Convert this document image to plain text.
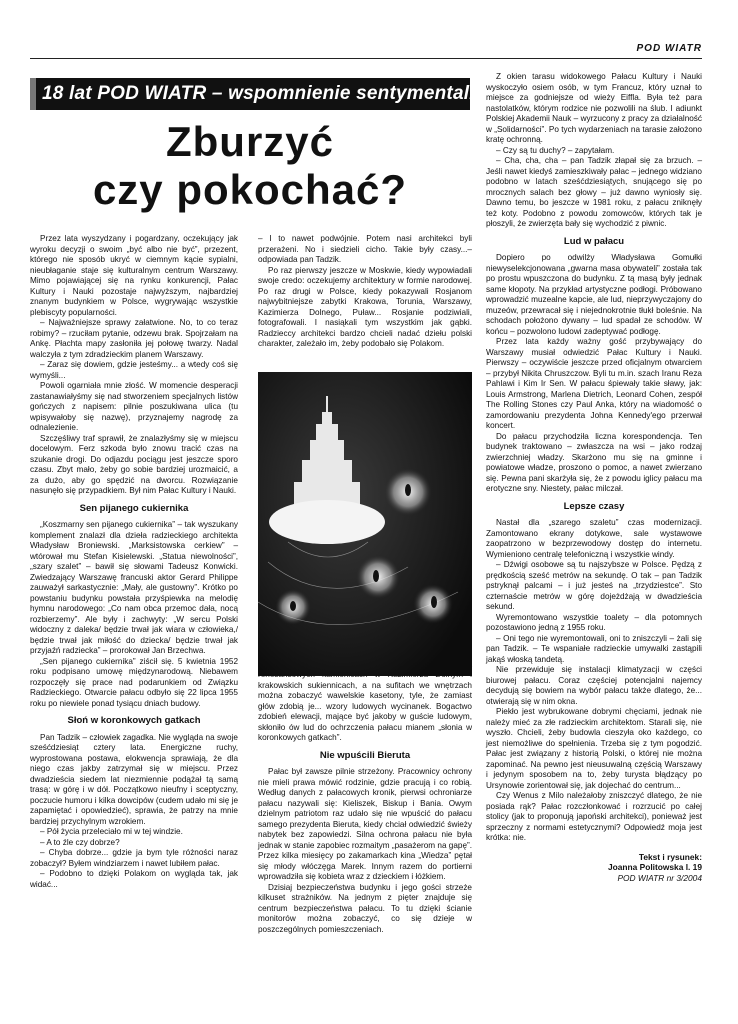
POD WIATR
18 lat POD WIATR – wspomnienie sentymentalne
Zburzyć
czy pokochać?

Przez lata wyszydzany i pogardzany, oczekujący jak wyroku decyzji o swoim „być albo nie być”, przezent, którego nie sposób ukryć w ciemnym kącie sypialni, nieubłaganie staje się kulturalnym centrum Warszawy. Mimo pojawiającej się na rynku konkurencji, Pałac Kultury i Nauki pozostaje najwyższym, najbardziej znanym budynkiem w Polsce, wygrywając wszystkie plebiscyty popularności.

– Najważniejsze sprawy załatwione. No, to co teraz robimy? – rzuciłam pytanie, odzewu brak. Spojrzałam na Ankę. Płachta mapy zasłoniła jej połowę twarzy. Nadal walczyła z tym zdradzieckim planem Warszawy.

– Zaraz się dowiem, gdzie jesteśmy... a wtedy coś się wymyśli...

Powoli ogarniała mnie złość. W momencie desperacji zastanawiałyśmy się nad stworzeniem specjalnych listów gończych z napisem: pilnie poszukiwana ulica (tu wpisywałoby się nazwę), przyznajemy nagrodę za odnalezienie.

Szczęśliwy traf sprawił, że znalazłyśmy się w miejscu docelowym. Ferz szkoda było znowu tracić czas na szukanie drogi. Do odjazdu pociągu jest jeszcze sporo czasu. Zbyt mało, żeby go sobie bardziej urozmaicić, a za dużo, aby go spędzić na dworcu. Rozwiązanie nasunęło się przypadkiem. Był nim Pałac Kultury i Nauki.

Sen pijanego cukiernika

„Koszmarny sen pijanego cukiernika” – tak wyszukany komplement znalazł dla dzieła radzieckiego architekta Władysław Broniewski. „Marksistowska cerkiew” – wtórował mu Stefan Kisielewski. „Statua niewolności”, „szary szalet” – bawił się słowami Tadeusz Konwicki. Zwiedzający Warszawę francuski aktor Gerard Philippe zauważył sarkastycznie: „Mały, ale gustowny”. Krótko po powstaniu budynku powstała przyśpiewka na melodię hymnu narodowego: „Co nam obca przemoc dała, nocą rozbierzemy”. Ale były i zachwyty: „W sercu Polski widoczny z daleka/ będzie trwał jak wiara w człowieka,/ będzie trwał jak miłość do dziecka/ będzie trwał jak przyjaźń radziecka” – prorokował Jan Brzechwa.

„Sen pijanego cukiernika” ziścił się. 5 kwietnia 1952 roku podpisano umowę międzynarodową. Niebawem rozpoczęły się prace nad podarunkiem od Związku Radzieckiego. Otwarcie pałacu odbyło się 22 lipca 1955 roku po niewiele ponad tysiącu dniach budowy.

Słoń w koronkowych gatkach

Pan Tadzik – człowiek zagadka. Nie wygląda na swoje sześćdziesiąt cztery lata. Energiczne ruchy, wyprostowana postawa, elokwencja sprawiają, że dla niego czas jakby zatrzymał się w miejscu. Przez dwadzieścia siedem lat niezmiennie podążał tą samą trasą: w górę i w dół. Początkowo nieufny i sceptyczny, poczucie humoru i kilka dowcipów (cudem udało mi się je zapamiętać i opowiedzieć), sprawia, że patrzy na mnie bardziej przychylnym wzrokiem.

– Pół życia przeleciało mi w tej windzie.

– A to źle czy dobrze?

– Chyba dobrze... gdzie ja bym tyle różności naraz zobaczył? Byłem windziarzem i nawet lubiłem pałac.

– Podobno to dzięki Polakom on wygląda tak, jak widać...

– I to nawet podwójnie. Potem nasi architekci byli przerażeni. No i siedzieli cicho. Takie były czasy...– odpowiada pan Tadzik.

Po raz pierwszy jeszcze w Moskwie, kiedy wypowiadali swoje credo: oczekujemy architektury w formie narodowej. Po raz drugi w Polsce, kiedy pokazywali Rosjanom najwybitniejsze zabytki Krakowa, Torunia, Warszawy, Kazimierza Dolnego, Puław... Rosjanie podziwiali, fotografowali. I nasiąkali tym wszystkim jak gąbki. Radzieccy architekci bardzo chcieli nadać dziełu polski charakter, zależało im, żeby podobało się Polakom.

krakowskich sukiennicach, a na sufitach we wnętrzach można zobaczyć wawelskie kasetony, tyle, że zamiast głów zdobią je... wzory ludowych wycinanek. Bogactwo zdobień elewacji, mające być jakoby w guście ludowym, skłoniło ów lud do ochrzczenia pałacu mianem „słonia w koronkowych gatkach”.

Nie wpuścili Bieruta

Pałac był zawsze pilnie strzeżony. Pracownicy ochrony nie mieli prawa mówić rodzinie, gdzie pracują i co robią. Według danych z pałacowych kronik, pierwsi ochroniarze pałacu nazywali się: Kieliszek, Biskup i Bania. Owym dzielnym patriotom raz udało się nie wpuścić do pałacu samego prezydenta Bieruta, kiedy chciał odwiedzić świeży nabytek bez zapowiedzi. Silna ochrona pałacu nie była jednak w stanie zapobiec rozmaitym „pasażerom na gapę”. Przez kilka miesięcy po zakamarkach kina „Wiedza” pętał się młody włóczęga Marek. Innym razem do portierni wprowadziła się kobieta wraz z dzieckiem i łóżkiem.

Dzisiaj bezpieczeństwa budynku i jego gości strzeże kilkuset strażników. Na jednym z pięter znajduje się centrum bezpieczeństwa pałacu. To tu dzięki ścianie monitorów można zobaczyć, co się dzieje w poszczególnych pomieszczeniach.

Z okien tarasu widokowego Pałacu Kultury i Nauki wyskoczyło osiem osób, w tym Francuz, który uznał to miejsce za godniejsze od wieży Eiffla. Była też para nastolatków, którym rodzice nie pozwolili na ślub. I adiunkt Polskiej Akademii Nauk – wyrzucony z pracy za działalność w „Solidarności”. Po tych wydarzeniach na tarasie założono kratę ochronną.

– Czy są tu duchy? – zapytałam.

– Cha, cha, cha – pan Tadzik złapał się za brzuch. – Jeśli nawet kiedyś zamieszkiwały pałac – jednego widziano podobno w latach sześćdziesiątych, snującego się po mrocznych salach bez głowy – już dawno wyniosły się. Dawno temu, bo jeszcze w 1981 roku, z pałacu zniknęły też koty. Podobno z powodu zomowców, których tak je płoszyli, że zwierzęta bały się wychodzić z piwnic.

Lud w pałacu

Dopiero po odwilży Władysława Gomułki niewyselekcjonowana „gwarna masa obywateli” została tak po prostu wpuszczona do budynku. Z tą masą były jednak same kłopoty. Na przykład artystyczne podłogi. Próbowano wprowadzić muzealne kapcie, ale lud, nieprzywyczajony do muzeów, przewracał się i niejednokrotnie tłukł boleśnie. Na schodach położono dywany – lud spadał ze schodów. W końcu – pozwolono ludowi zadeptywać podłogę.

Przez lata każdy ważny gość przybywający do Warszawy musiał odwiedzić Pałac Kultury i Nauki. Pierwszy – oczywiście jeszcze przed oficjalnym otwarciem – przybył Nikita Chruszczow. Byli tu m.in. szach Iranu Reza Pahlawi i Kim Ir Sen. W pałacu śpiewały takie sławy, jak: Louis Armstrong, Marlena Dietrich, Leonard Cohen, zespół The Rolling Stones czy Paul Anka, który na wiadomość o zamordowaniu prezydenta Johna Kennedy'ego przerwał koncert.

Do pałacu przychodziła liczna korespondencja. Ten budynek traktowano – zwłaszcza na wsi – jako rodzaj zwierzchniej władzy. Skarżono mu się na gminne i powiatowe władze, proszono o pomoc, a nawet zwierzano się. Pewna pani skarżyła się, że z powodu iglicy pałacu ma erotyczne sny. Niestety, pałac milczał.

Lepsze czasy

Nastał dla „szarego szaletu” czas modernizacji. Zamontowano ekrany dotykowe, sale wystawowe zaopatrzono w bezprzewodowy dostęp do internetu. Wymieniono centralę telefoniczną i wszystkie windy.

– Dźwigi osobowe są tu najszybsze w Polsce. Pędzą z prędkością sześć metrów na sekundę. O tak – pan Tadzik pstryknął palcami – i już jesteś na „trzydziestce”. Sto czternaście metrów w górę dojeżdżają w dwadzieścia sekund.

Wyremontowano wszystkie toalety – dla potomnych pozostawiono jedną z 1955 roku.

– Oni tego nie wyremontowali, oni to zniszczyli – żali się pan Tadzik. – Te wspaniałe radzieckie umywalki zastąpili jakąś włoską tandetą.

Nie przewiduje się instalacji klimatyzacji w części biurowej pałacu. Coraz częściej potencjalni najemcy decydują się bowiem na wybór pałacu także dlatego, że... otwierają się w nim okna.

Piekło jest wybrukowane dobrymi chęciami, jednak nie należy mieć za złe radzieckim architektom. Starali się, nie wyszło. Chcieli, żeby budowla cieszyła oko każdego, co jest niemożliwe do spełnienia. Trzeba się z tym pogodzić. Pałac jest związany z historią Polski, o której nie można zapominać. Na pewno jest nieusuwalną częścią Warszawy i jedynym sposobem na to, żeby turysta błądzący po Ursynowie zorientował się, jak dojechać do centrum...

Czy Wenus z Milo należałoby zniszczyć dlatego, że nie posiada rąk? Pałac rozczłonkować i rozrzucić po całej stolicy (jak to proponują japoński architekci), ponieważ jest sprzeczny z normami estetycznymi? Odpowiedź moja jest krótka: nie.

Tekst i rysunek:
Joanna Politowska l. 19
POD WIATR nr 3/2004
